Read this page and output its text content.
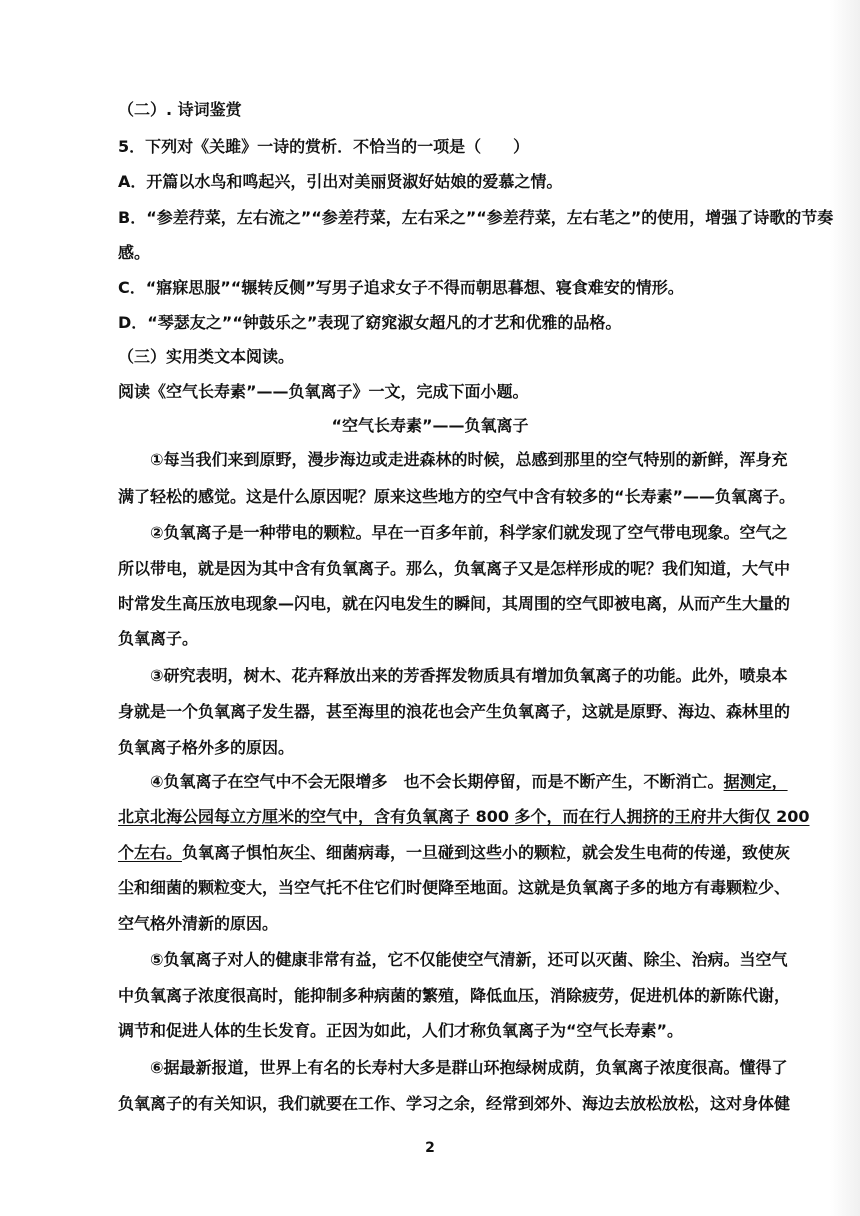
（二）. 诗词鉴赏
5．下列对《关雎》一诗的赏析．不恰当的一项是（　　）
A．开篇以水鸟和鸣起兴，引出对美丽贤淑好姑娘的爱慕之情。
B．“参差荇菜，左右流之”“参差荇菜，左右采之”“参差荇菜，左右芼之”的使用，增强了诗歌的节奏
感。
C．“寤寐思服”“辗转反侧”写男子追求女子不得而朝思暮想、寝食难安的情形。
D．“琴瑟友之”“钟鼓乐之”表现了窈窕淑女超凡的才艺和优雅的品格。
（三）实用类文本阅读。
阅读《空气长寿素”——负氧离子》一文，完成下面小题。
“空气长寿素”——负氧离子
①每当我们来到原野，漫步海边或走进森林的时候，总感到那里的空气特别的新鲜，浑身充
满了轻松的感觉。这是什么原因呢？原来这些地方的空气中含有较多的“长寿素”——负氧离子。
②负氧离子是一种带电的颗粒。早在一百多年前，科学家们就发现了空气带电现象。空气之
所以带电，就是因为其中含有负氧离子。那么，负氧离子又是怎样形成的呢？我们知道，大气中
时常发生高压放电现象—闪电，就在闪电发生的瞬间，其周围的空气即被电离，从而产生大量的
负氧离子。
③研究表明，树木、花卉释放出来的芳香挥发物质具有增加负氧离子的功能。此外，喷泉本
身就是一个负氧离子发生器，甚至海里的浪花也会产生负氧离子，这就是原野、海边、森林里的
负氧离子格外多的原因。
④负氧离子在空气中不会无限增多　也不会长期停留，而是不断产生，不断消亡。据测定，
北京北海公园每立方厘米的空气中，含有负氧离子 800 多个，而在行人拥挤的王府井大街仅 200
个左右。负氧离子惧怕灰尘、细菌病毒，一旦碰到这些小的颗粒，就会发生电荷的传递，致使灰
尘和细菌的颗粒变大，当空气托不住它们时便降至地面。这就是负氧离子多的地方有毒颗粒少、
空气格外清新的原因。
⑤负氧离子对人的健康非常有益，它不仅能使空气清新，还可以灭菌、除尘、治病。当空气
中负氧离子浓度很高时，能抑制多种病菌的繁殖，降低血压，消除疲劳，促进机体的新陈代谢，
调节和促进人体的生长发育。正因为如此，人们才称负氧离子为“空气长寿素”。
⑥据最新报道，世界上有名的长寿村大多是群山环抱绿树成荫，负氧离子浓度很高。懂得了
负氧离子的有关知识，我们就要在工作、学习之余，经常到郊外、海边去放松放松，这对身体健
2
